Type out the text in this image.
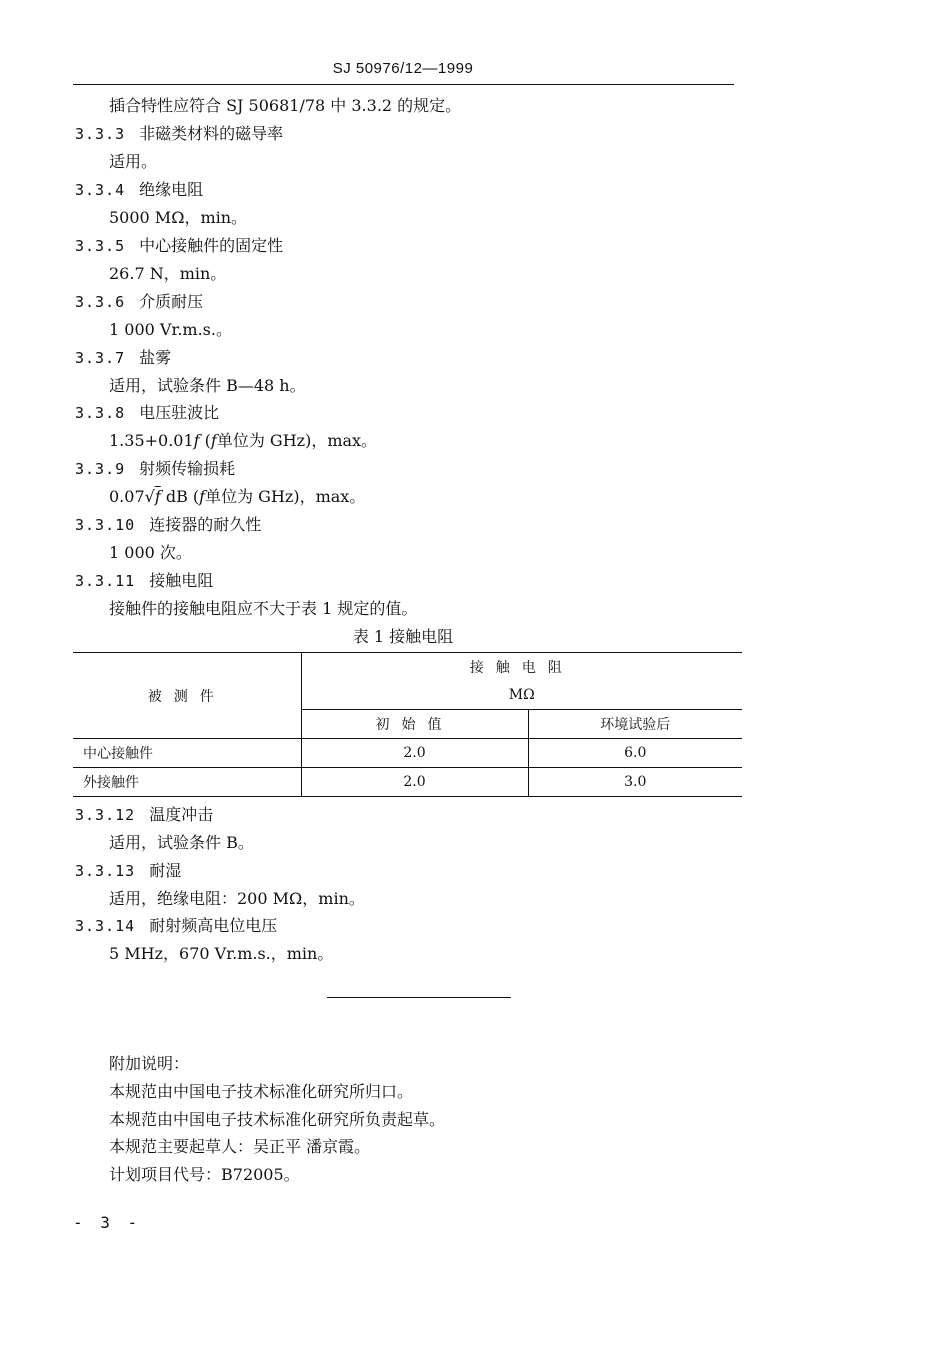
SJ 50976/12—1999
插合特性应符合 SJ 50681/78 中 3.3.2 的规定。
3.3.3 非磁类材料的磁导率
适用。
3.3.4 绝缘电阻
5000 MΩ，min。
3.3.5 中心接触件的固定性
26.7 N，min。
3.3.6 介质耐压
1 000 Vr.m.s.。
3.3.7 盐雾
适用，试验条件 B—48 h。
3.3.8 电压驻波比
1.35+0.01f (f单位为 GHz)，max。
3.3.9 射频传输损耗
0.07√f dB (f单位为 GHz)，max。
3.3.10 连接器的耐久性
1 000 次。
3.3.11 接触电阻
接触件的接触电阻应不大于表 1 规定的值。
表 1 接触电阻
被测件	接触电阻	
	MΩ	
	初始值	环境试验后
中心接触件	2.0	6.0
外接触件	2.0	3.0
3.3.12 温度冲击
适用，试验条件 B。
3.3.13 耐湿
适用，绝缘电阻：200 MΩ，min。
3.3.14 耐射频高电位电压
5 MHz，670 Vr.m.s.，min。
附加说明：
本规范由中国电子技术标准化研究所归口。
本规范由中国电子技术标准化研究所负责起草。
本规范主要起草人：吴正平 潘京霞。
计划项目代号：B72005。
- 3 -
